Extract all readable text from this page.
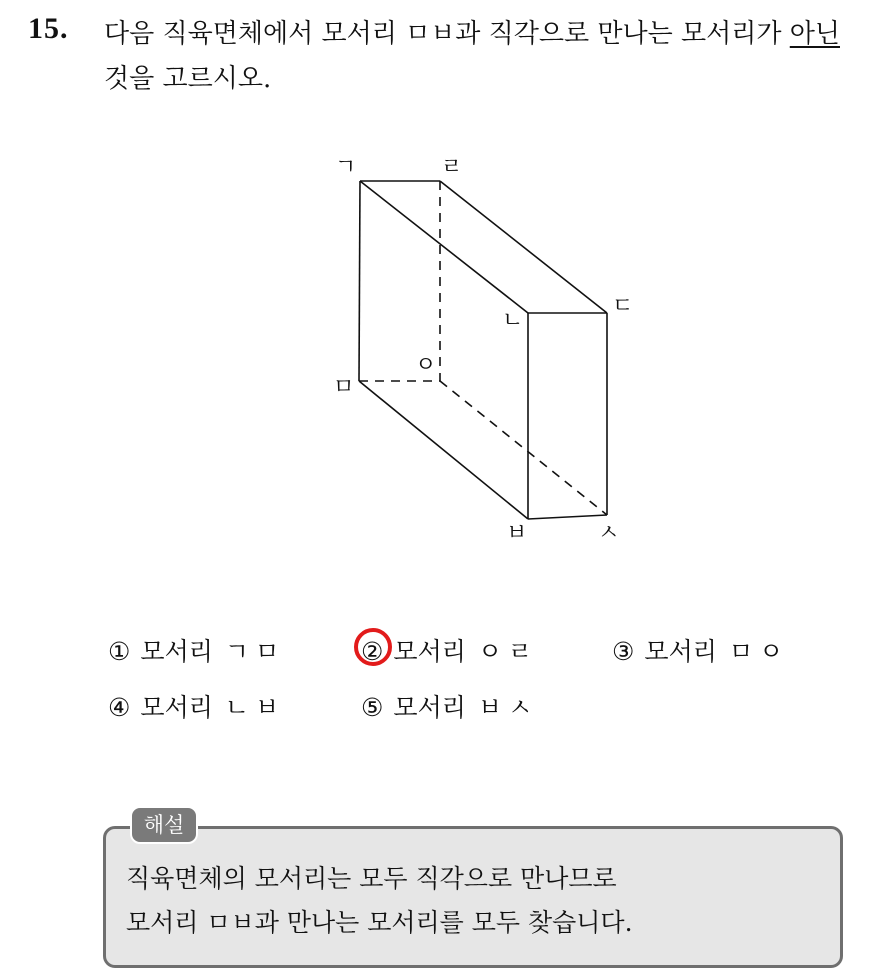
15. 다음 직육면체에서 모서리 ㅁㅂ과 직각으로 만나는 모서리가 아닌
것을 고르시오.
ㄱ	ㄹ
ㄷ
ㄴ
ㅇ
ㅁ
ㅂ	ㅅ
① 모서리 ㄱㅁ	② 모서리 ㅇㄹ	③ 모서리 ㅁㅇ
④ 모서리 ㄴㅂ	⑤ 모서리 ㅂㅅ
해설
직육면체의 모서리는 모두 직각으로 만나므로
모서리 ㅁㅂ과 만나는 모서리를 모두 찾습니다.
